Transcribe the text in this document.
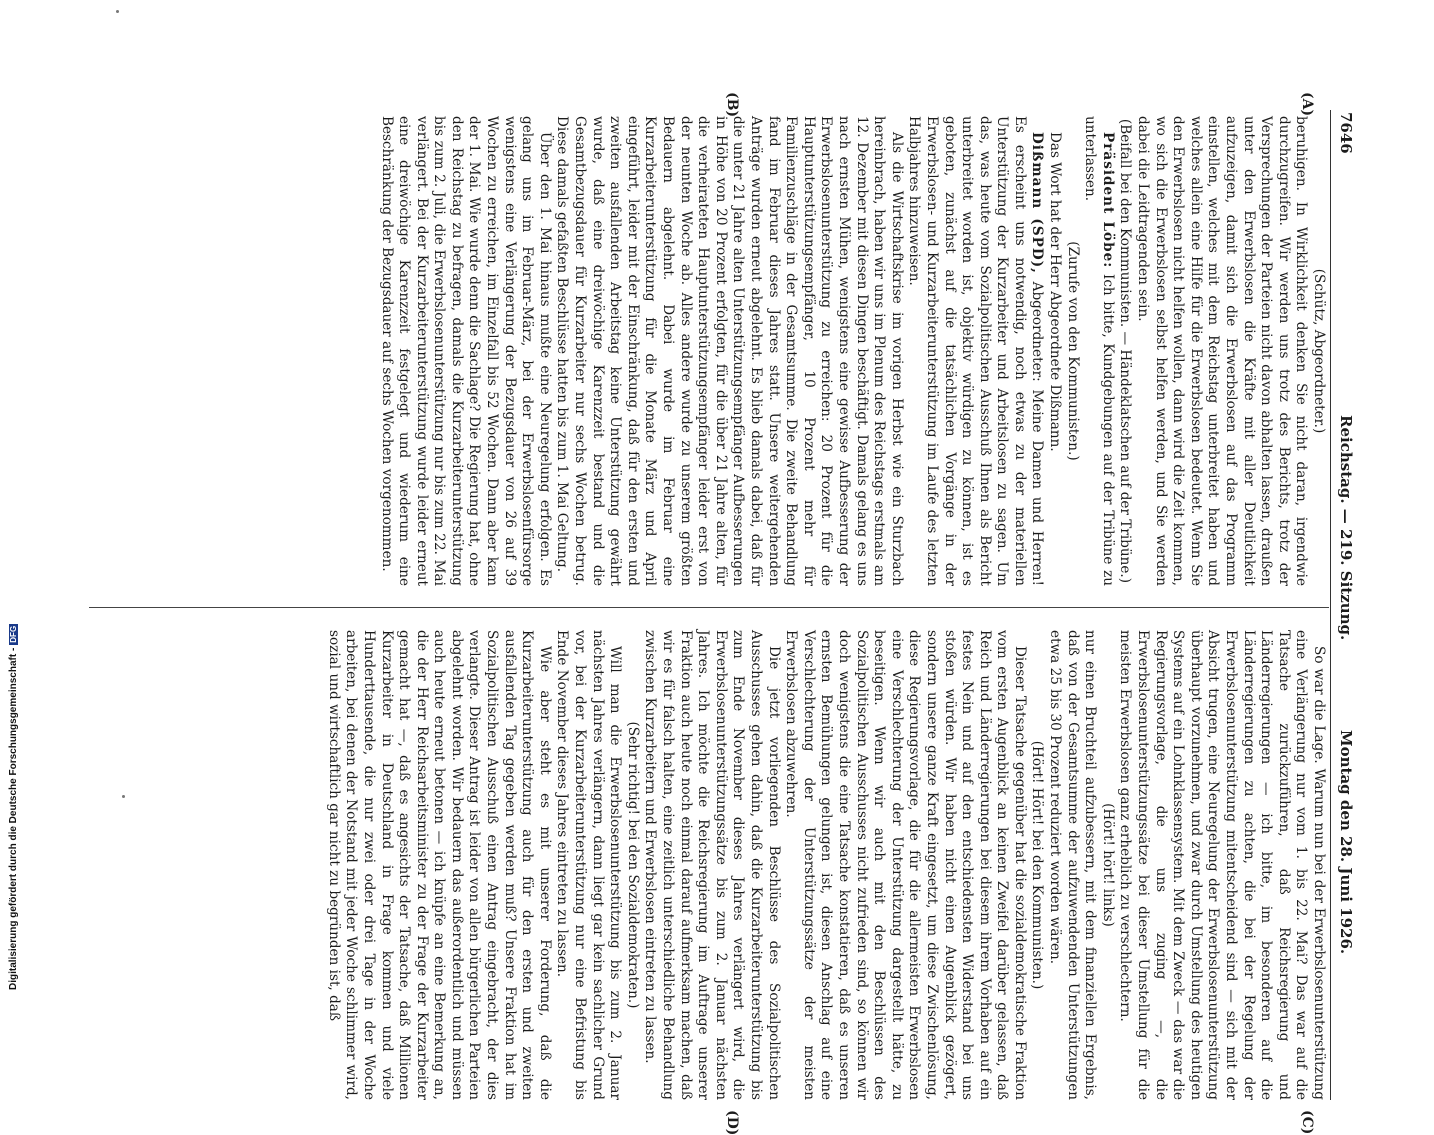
Digitalisierung gefördert durch die Deutsche Forschungsgemeinschaft -DFG
7646
Reichstag. — 219. Sitzung.
Montag den 28. Juni 1926.
(A)
(B)
(C)
(D)

(Schütz, Abgeordneter.)

beruhigen. In Wirklichkeit denken Sie nicht daran, irgendwie durchzugreifen. Wir werden uns trotz des Berichts, trotz der Versprechungen der Parteien nicht davon abhalten lassen, draußen unter den Erwerbslosen die Kräfte mit aller Deutlichkeit aufzuzeigen, damit sich die Erwerbslosen auf das Programm einstellen, welches mit dem Reichstag unterbreitet haben und welches allein eine Hilfe für die Erwerbslosen bedeutet. Wenn Sie den Erwerbslosen nicht helfen wollen, dann wird die Zeit kommen, wo sich die Erwerbslosen selbst helfen werden, und Sie werden dabei die Leidtragenden sein.

(Beifall bei den Kommunisten. — Händeklatschen auf der Tribüne.)

Präsident Löbe: Ich bitte, Kundgebungen auf der Tribüne zu unterlassen.

(Zurufe von den Kommunisten.)

Das Wort hat der Herr Abgeordnete Dißmann.

Dißmann (SPD), Abgeordneter: Meine Damen und Herren! Es erscheint uns notwendig, noch etwas zu der materiellen Unterstützung der Kurzarbeiter und Arbeitslosen zu sagen. Um das, was heute vom Sozialpolitischen Ausschuß Ihnen als Bericht unterbreitet worden ist, objektiv würdigen zu können, ist es geboten, zunächst auf die tatsächlichen Vorgänge in der Erwerbslosen- und Kurzarbeiterunterstützung im Laufe des letzten Halbjahres hinzuweisen.

Als die Wirtschaftskrise im vorigen Herbst wie ein Sturzbach hereinbrach, haben wir uns im Plenum des Reichstags erstmals am 12. Dezember mit diesen Dingen beschäftigt. Damals gelang es uns nach ernsten Mühen, wenigstens eine gewisse Aufbesserung der Erwerbslosenunterstützung zu erreichen: 20 Prozent für die Hauptunterstützungsempfänger, 10 Prozent mehr für Familienzuschläge in der Gesamtsumme. Die zweite Behandlung fand im Februar dieses Jahres statt. Unsere weitergehenden Anträge wurden erneut abgelehnt. Es blieb damals dabei, daß für die unter 21 Jahre alten Unterstützungsempfänger Aufbesserungen in Höhe von 20 Prozent erfolgten, für die über 21 Jahre alten, für die verheirateten Hauptunterstützungsempfänger leider erst von der neunten Woche ab. Alles andere wurde zu unserem größten Bedauern abgelehnt. Dabei wurde im Februar eine Kurzarbeiterunterstützung für die Monate März und April eingeführt, leider mit der Einschränkung, daß für den ersten und zweiten ausfallenden Arbeitstag keine Unterstützung gewährt wurde, daß eine dreiwöchige Karenzzeit bestand und die Gesamtbezugsdauer für Kurzarbeiter nur sechs Wochen betrug. Diese damals gefaßten Beschlüsse hatten bis zum 1. Mai Geltung.

Über den 1. Mai hinaus mußte eine Neuregelung erfolgen. Es gelang uns im Februar-März, bei der Erwerbslosenfürsorge wenigstens eine Verlängerung der Bezugsdauer von 26 auf 39 Wochen zu erreichen, im Einzelfall bis 52 Wochen. Dann aber kam der 1. Mai. Wie wurde denn die Sachlage? Die Regierung hat, ohne den Reichstag zu befragen, damals die Kurzarbeiterunterstützung bis zum 2. Juli, die Erwerbslosenunterstützung nur bis zum 22. Mai verlängert. Bei der Kurzarbeiterunterstützung wurde leider erneut eine dreiwöchige Karenzzeit festgelegt und wiederum eine Beschränkung der Bezugsdauer auf sechs Wochen vorgenommen.

So war die Lage. Warum nun bei der Erwerbslosenunterstützung eine Verlängerung nur vom 1. bis 22. Mai? Das war auf die Tatsache zurückzuführen, daß Reichsregierung und Länderregierungen — ich bitte, im besonderen auf die Länderregierungen zu achten, die bei der Regelung der Erwerbslosenunterstützung mitentscheidend sind — sich mit der Absicht trugen, eine Neuregelung der Erwerbslosenunterstützung überhaupt vorzunehmen, und zwar durch Umstellung des heutigen Systems auf ein Lohnklassensystem. Mit dem Zweck — das war die Regierungsvorlage, die uns zuging —, die Erwerbslosenunterstützungssätze bei dieser Umstellung für die meisten Erwerbslosen ganz erheblich zu verschlechtern.

(Hört! hört! links)

nur einen Bruchteil aufzubessern, mit dem finanziellen Ergebnis, daß von der Gesamtsumme der aufzuwendenden Unterstützungen etwa 25 bis 30 Prozent reduziert worden wären.

(Hört! Hört! bei den Kommunisten.)

Dieser Tatsache gegenüber hat die sozialdemokratische Fraktion vom ersten Augenblick an keinen Zweifel darüber gelassen, daß Reich und Länderregierungen bei diesem ihrem Vorhaben auf ein festes Nein und auf den entschiedensten Widerstand bei uns stoßen würden. Wir haben nicht einen Augenblick gezögert, sondern unsere ganze Kraft eingesetzt, um diese Zwischenlösung, diese Regierungsvorlage, die für die allermeisten Erwerbslosen eine Verschlechterung der Unterstützung dargestellt hätte, zu beseitigen. Wenn wir auch mit den Beschlüssen des Sozialpolitischen Ausschusses nicht zufrieden sind, so können wir doch wenigstens die eine Tatsache konstatieren, daß es unseren ernsten Bemühungen gelungen ist, diesen Anschlag auf eine Verschlechterung der Unterstützungssätze der meisten Erwerbslosen abzuwehren.

Die jetzt vorliegenden Beschlüsse des Sozialpolitischen Ausschusses gehen dahin, daß die Kurzarbeiterunterstützung bis zum Ende November dieses Jahres verlängert wird, die Erwerbslosenunterstützungssätze bis zum 2. Januar nächsten Jahres. Ich möchte die Reichsregierung im Auftrage unserer Fraktion auch heute noch einmal darauf aufmerksam machen, daß wir es für falsch halten, eine zeitlich unterschiedliche Behandlung zwischen Kurzarbeitern und Erwerbslosen eintreten zu lassen.

(Sehr richtig! bei den Sozialdemokraten.)

Will man die Erwerbslosenunterstützung bis zum 2. Januar nächsten Jahres verlängern, dann liegt gar kein sachlicher Grund vor, bei der Kurzarbeiterunterstützung nur eine Befristung bis Ende November dieses Jahres eintreten zu lassen.

Wie aber steht es mit unserer Forderung, daß die Kurzarbeiterunterstützung auch für den ersten und zweiten ausfallenden Tag gegeben werden muß? Unsere Fraktion hat im Sozialpolitischen Ausschuß einen Antrag eingebracht, der dies verlangte. Dieser Antrag ist leider von allen bürgerlichen Parteien abgelehnt worden. Wir bedauern das außerordentlich und müssen auch heute erneut betonen — ich knüpfe an eine Bemerkung an, die der Herr Reichsarbeitsminister zu der Frage der Kurzarbeiter gemacht hat —, daß es angesichts der Tatsache, daß Millionen Kurzarbeiter in Deutschland in Frage kommen und viele Hunderttausende, die nur zwei oder drei Tage in der Woche arbeiten, bei denen der Notstand mit jeder Woche schlimmer wird, sozial und wirtschaftlich gar nicht zu begründen ist, daß
